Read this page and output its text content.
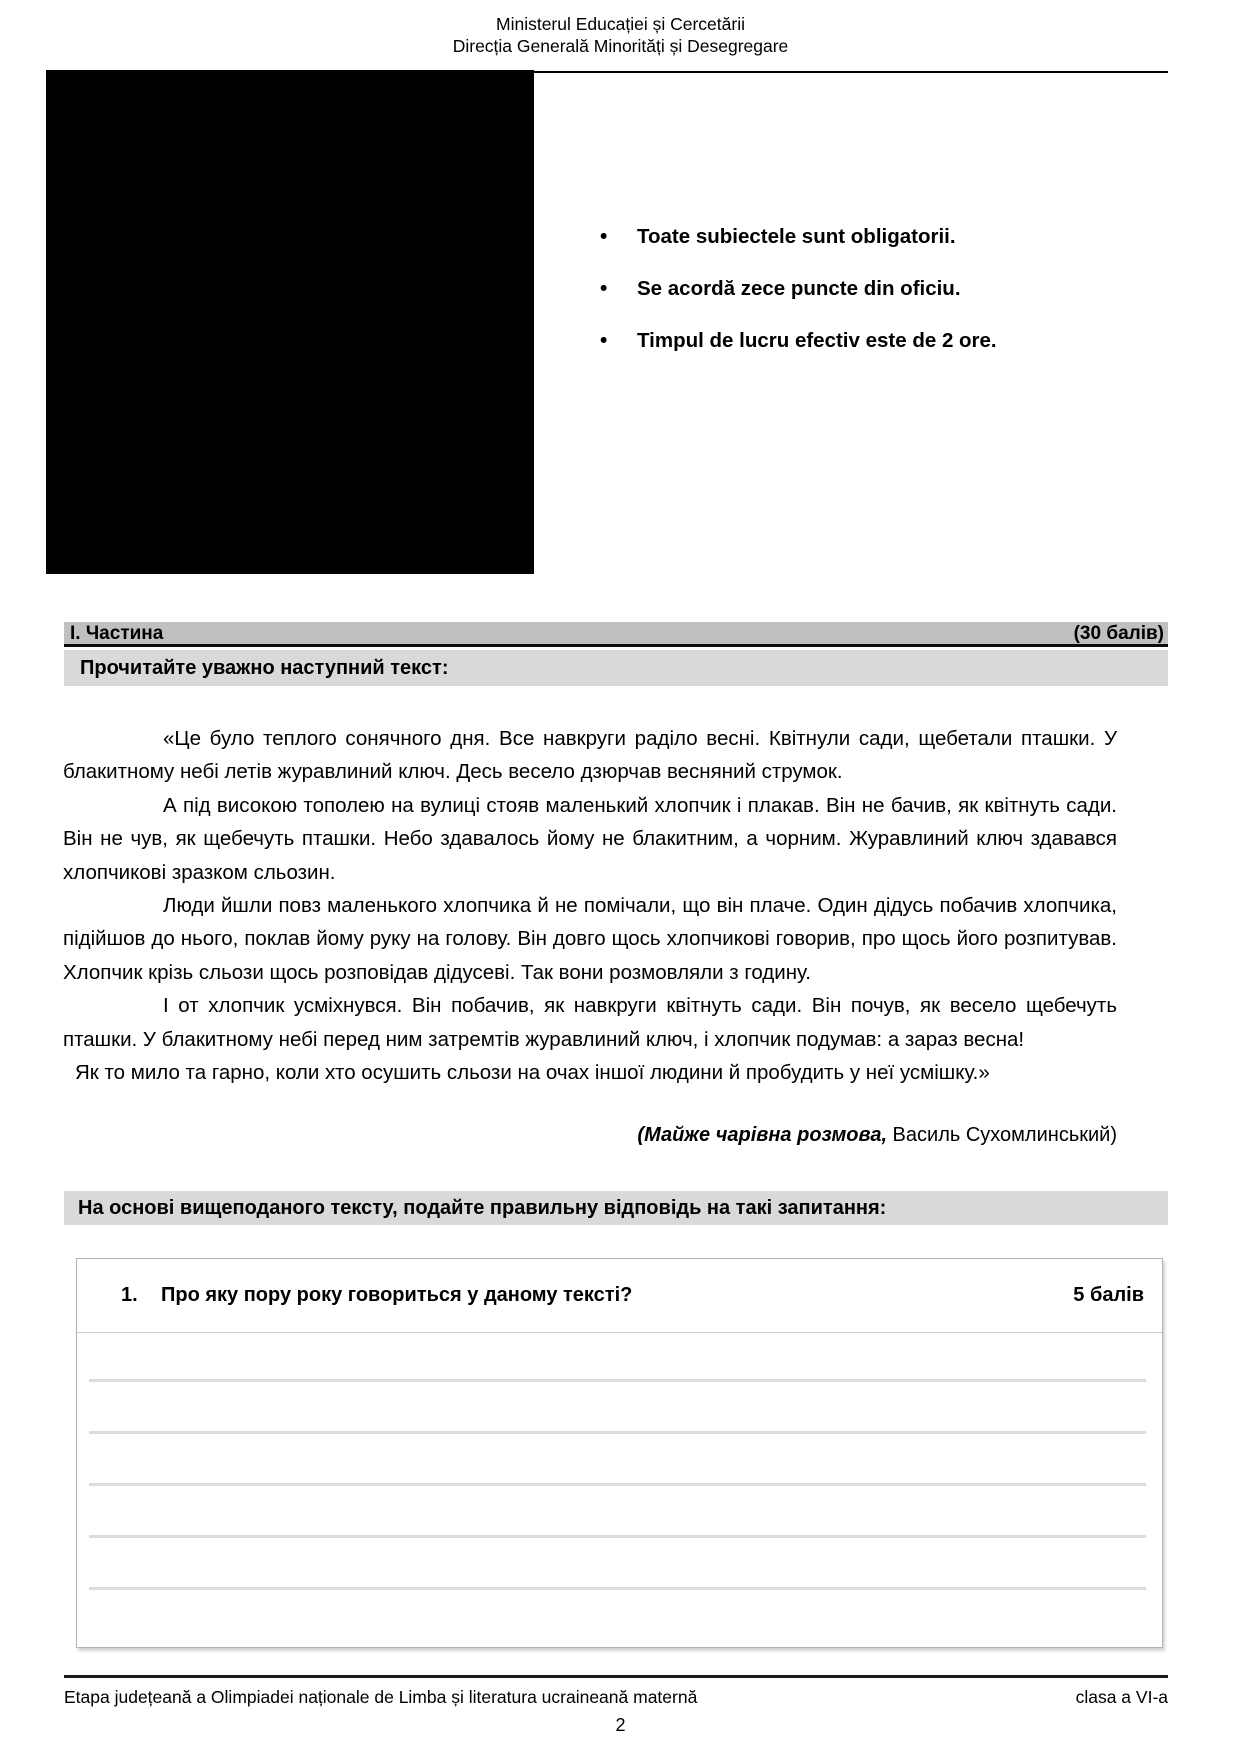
Ministerul Educației și Cercetării
Direcția Generală Minorități și Desegregare
•	Toate subiectele sunt obligatorii.
•	Se acordă zece puncte din oficiu.
•	Timpul de lucru efectiv este de 2 ore.
І. Частина	(30 балів)
Прочитайте уважно наступний текст:

«Це було теплого сонячного дня. Все навкруги раділо весні. Квітнули сади, щебетали пташки. У блакитному небі летів журавлиний ключ. Десь весело дзюрчав весняний струмок.

А під високою тополею на вулиці стояв маленький хлопчик і плакав. Він не бачив, як квітнуть сади. Він не чув, як щебечуть пташки. Небо здавалось йому не блакитним, а чорним. Журавлиний ключ здавався хлопчикові зразком сльозин.

Люди йшли повз маленького хлопчика й не помічали, що він плаче. Один дідусь побачив хлопчика, підійшов до нього, поклав йому руку на голову. Він довго щось хлопчикові говорив, про щось його розпитував. Хлопчик крізь сльози щось розповідав дідусеві. Так вони розмовляли з годину.

І от хлопчик усміхнувся. Він побачив, як навкруги квітнуть сади. Він почув, як весело щебечуть пташки. У блакитному небі перед ним затремтів журавлиний ключ, і хлопчик подумав: а зараз весна!

Як то мило та гарно, коли хто осушить сльози на очах іншої людини й пробудить у неї усмішку.»

(Майже чарівна розмова, Василь Сухомлинський)
На основі вищеподаного тексту, подайте правильну відповідь на такі запитання:
1.	Про яку пору року говориться у даному тексті?	5 балів
Etapa județeană a Olimpiadei naționale de Limba și literatura ucraineană maternă	clasa a VI-a
2
